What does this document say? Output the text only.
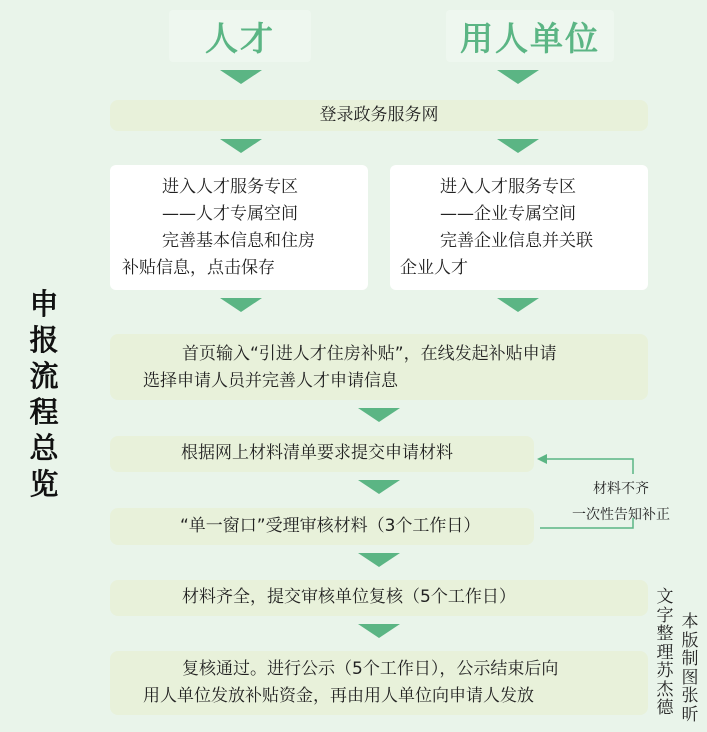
人才	用人单位
申
报
流
程
总
览
登录政务服务网
进入人才服务专区
——人才专属空间
完善基本信息和住房
补贴信息，点击保存
进入人才服务专区
——企业专属空间
完善企业信息并关联
企业人才
首页输入“引进人才住房补贴”，在线发起补贴申请
选择申请人员并完善人才申请信息
根据网上材料清单要求提交申请材料
“单一窗口”受理审核材料（3个工作日）
材料不齐
一次性告知补正
材料齐全，提交审核单位复核（5个工作日）
复核通过。进行公示（5个工作日），公示结束后向
用人单位发放补贴资金，再由用人单位向申请人发放
文
字
整
理
苏
杰
德
本
版
制
图
张
昕
